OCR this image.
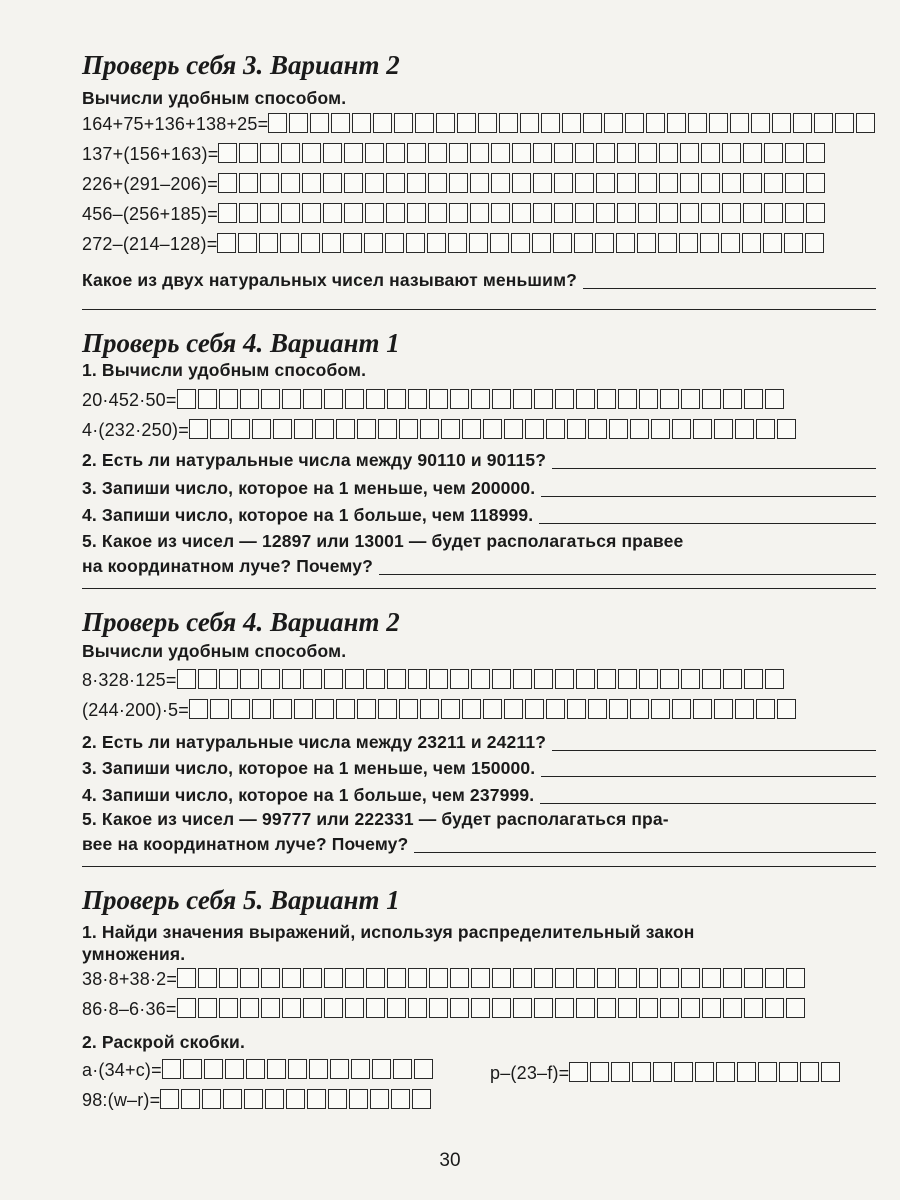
Проверь себя 3. Вариант 2
Вычисли удобным способом.
164+75+136+138+25=
137+(156+163)=
226+(291–206)=
456–(256+185)=
272–(214–128)=
Какое из двух натуральных чисел называют меньшим?
Проверь себя 4. Вариант 1
1. Вычисли удобным способом.
20·452·50=
4·(232·250)=
2. Есть ли натуральные числа между 90110 и 90115?
3. Запиши число, которое на 1 меньше, чем 200000.
4. Запиши число, которое на 1 больше, чем 118999.
5. Какое из чисел — 12897 или 13001 — будет располагаться правее
на координатном луче? Почему?
Проверь себя 4. Вариант 2
Вычисли удобным способом.
8·328·125=
(244·200)·5=
2. Есть ли натуральные числа между 23211 и 24211?
3. Запиши число, которое на 1 меньше, чем 150000.
4. Запиши число, которое на 1 больше, чем 237999.
5. Какое из чисел — 99777 или 222331 — будет располагаться пра-
вее на координатном луче? Почему?
Проверь себя 5. Вариант 1
1. Найди значения выражений, используя распределительный закон
умножения.
38·8+38·2=
86·8–6·36=
2. Раскрой скобки.
a·(34+c)=	p–(23–f)=
98:(w–r)=
30
